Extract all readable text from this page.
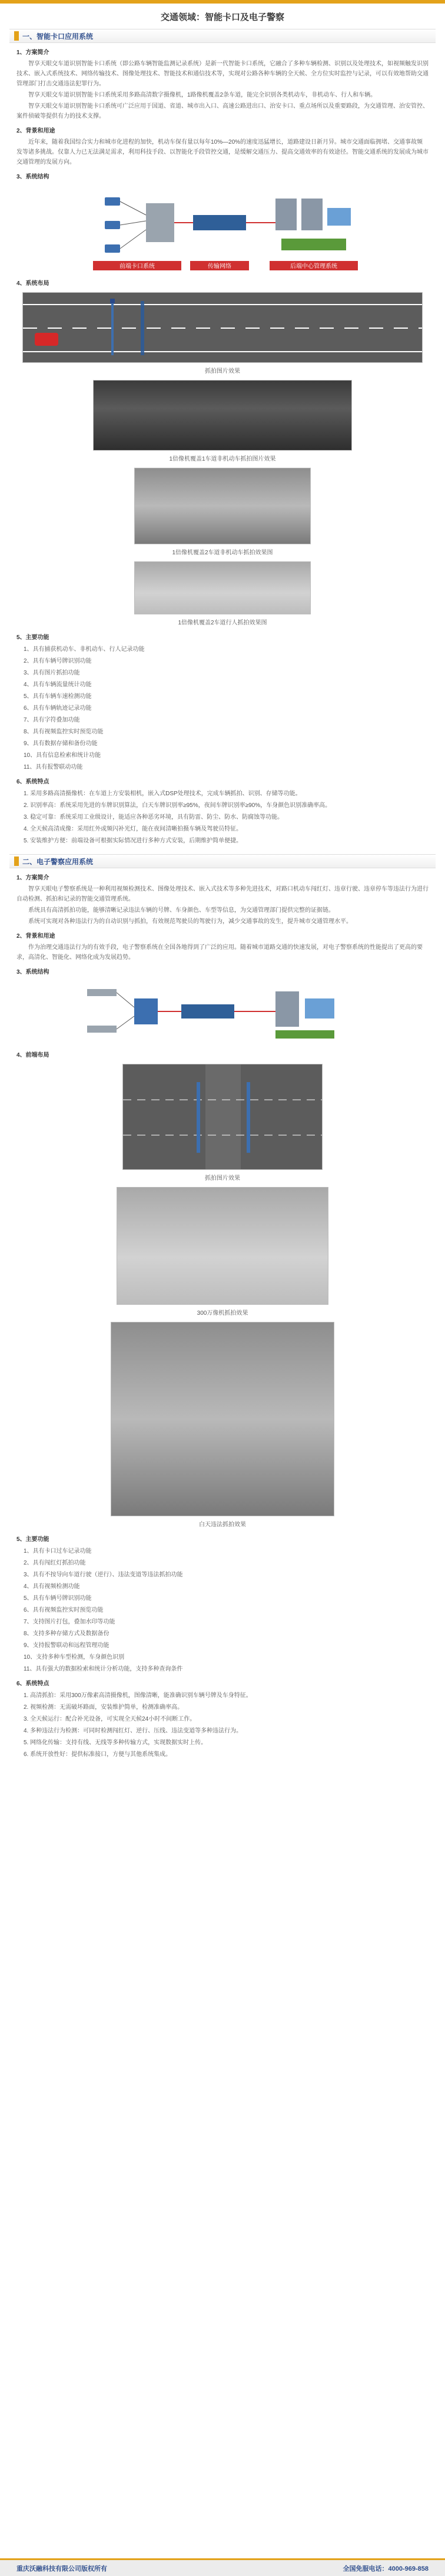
交通领域：智能卡口及电子警察
一、智能卡口应用系统
1、方案简介

智享天眼交车道识别智能卡口系统（即公路车辆智能监测记录系统）是新一代智能卡口系统，它融合了多种车辆检测、识别以及处理技术，如视频触发识别技术、嵌入式系统技术、网络传输技术、图像处理技术、智能技术和通信技术等，实现对公路各种车辆的全天候、全方位实时监控与记录，可以有效地帮助交通管理部门打击交通违法犯罪行为。

智享天眼交车道识别智能卡口系统采用多路高清数字摄像机，1路像机覆盖2条车道，能完全识别各类机动车，非机动车、行人和车辆。

智享天眼交车道识别智能卡口系统可广泛应用于国道、省道、城市出入口、高速公路进出口、治安卡口、重点场所以及重要路段，为交通管理、治安管控、案件侦破等提供有力的技术支撑。

2、背景和用途

近年来，随着我国综合实力和城市化进程的加快，机动车保有量以每年10%—20%的速度迅猛增长，道路建设日新月异。城市交通面临拥堵、交通事故频发等诸多挑战。仅靠人力已无法满足需求，利用科技手段、以智能化手段管控交通，是缓解交通压力、提高交通效率的有效途径。智能交通系统的发展成为城市交通管理的发展方向。

3、系统结构
前端卡口系统	传输网络	后端中心管理系统
4、系统布局
抓拍图片效果
1倍像机覆盖1车道非机动车抓拍图片效果
1倍像机覆盖2车道非机动车抓拍效果图
1倍像机覆盖2车道行人抓拍效果图
5、主要功能

1、具有捕获机动车、非机动车、行人记录功能

2、具有车辆号牌识别功能

3、具有图片抓拍功能

4、具有车辆流量统计功能

5、具有车辆车速检测功能

6、具有车辆轨迹记录功能

7、具有字符叠加功能

8、具有视频监控实时预览功能

9、具有数据存储和备份功能

10、具有信息检索和统计功能

11、具有报警联动功能

6、系统特点

1. 采用多路高清摄像机：在车道上方安装相机，嵌入式DSP处理技术，完成车辆抓拍、识别、存储等功能。

2. 识别率高：系统采用先进的车牌识别算法，白天车牌识别率≥95%，夜间车牌识别率≥90%，车身颜色识别准确率高。

3. 稳定可靠：系统采用工业级设计，能适应各种恶劣环境，具有防雷、防尘、防水、防腐蚀等功能。

4. 全天候高清成像：采用红外或频闪补光灯，能在夜间清晰拍摄车辆及驾驶员特征。

5. 安装维护方便：前端设备可根据实际情况进行多种方式安装，后期维护简单便捷。

二、电子警察应用系统
1、方案简介

智享天眼电子警察系统是一种利用视频检测技术、图像处理技术、嵌入式技术等多种先进技术，对路口机动车闯红灯、违章行驶、违章停车等违法行为进行自动检测、抓拍和记录的智能交通管理系统。

系统具有高清抓拍功能，能够清晰记录违法车辆的号牌、车身颜色、车型等信息，为交通管理部门提供完整的证据链。

系统可实现对各种违法行为的自动识别与抓拍，有效规范驾驶员的驾驶行为，减少交通事故的发生，提升城市交通管理水平。

2、背景和用途

作为治理交通违法行为的有效手段，电子警察系统在全国各地得到了广泛的应用。随着城市道路交通的快速发展，对电子警察系统的性能提出了更高的要求，高清化、智能化、网络化成为发展趋势。

3、系统结构
4、前端布局
抓拍图片效果
300万像机抓拍效果
白天违法抓拍效果
5、主要功能

1、具有卡口过车记录功能

2、具有闯红灯抓拍功能

3、具有不按导向车道行驶（逆行）、违法变道等违法抓拍功能

4、具有视频检测功能

5、具有车辆号牌识别功能

6、具有视频监控实时预览功能

7、支持图片打包，叠加水印等功能

8、支持多种存储方式及数据备份

9、支持报警联动和远程管理功能

10、支持多种车型检测，车身颜色识别

11、具有强大的数据检索和统计分析功能，支持多种查询条件

6、系统特点

1. 高清抓拍：采用300万像素高清摄像机，图像清晰，能准确识别车辆号牌及车身特征。

2. 视频检测：无需破坏路面，安装维护简单，检测准确率高。

3. 全天候运行：配合补光设备，可实现全天候24小时不间断工作。

4. 多种违法行为检测：可同时检测闯红灯、逆行、压线、违法变道等多种违法行为。

5. 网络化传输：支持有线、无线等多种传输方式，实现数据实时上传。

6. 系统开放性好：提供标准接口，方便与其他系统集成。

重庆沃融科技有限公司版权所有	全国免服电话：4000-969-858
